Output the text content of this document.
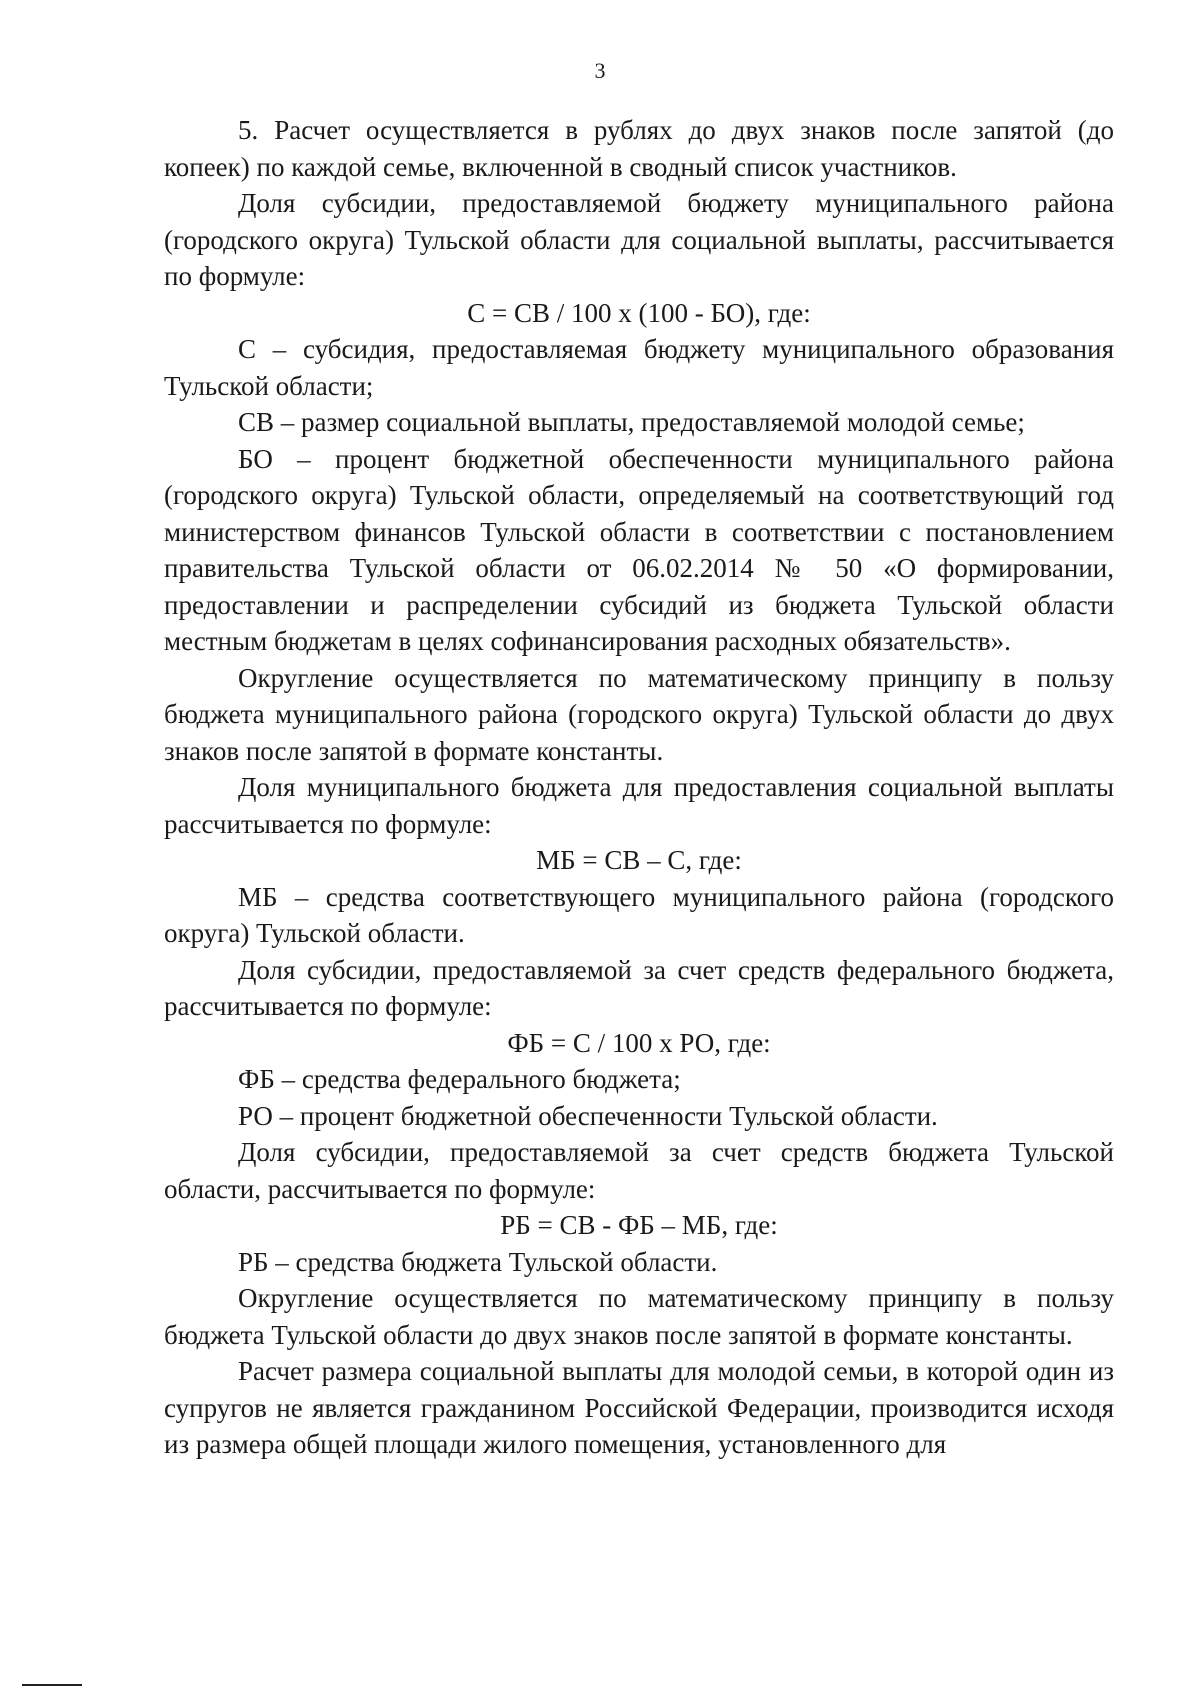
3

5. Расчет осуществляется в рублях до двух знаков после запятой (до копеек) по каждой семье, включенной в сводный список участников.

Доля субсидии, предоставляемой бюджету муниципального района (городского округа) Тульской области для социальной выплаты, рассчитывается по формуле:

С = СВ / 100 х (100 - БО), где:

С – субсидия, предоставляемая бюджету муниципального образования Тульской области;

СВ – размер социальной выплаты, предоставляемой молодой семье;

БО – процент бюджетной обеспеченности муниципального района (городского округа) Тульской области, определяемый на соответствующий год министерством финансов Тульской области в соответствии с постановлением правительства Тульской области от 06.02.2014 № 50 «О формировании, предоставлении и распределении субсидий из бюджета Тульской области местным бюджетам в целях софинансирования расходных обязательств».

Округление осуществляется по математическому принципу в пользу бюджета муниципального района (городского округа) Тульской области до двух знаков после запятой в формате константы.

Доля муниципального бюджета для предоставления социальной выплаты рассчитывается по формуле:

МБ = СВ – С, где:

МБ – средства соответствующего муниципального района (городского округа) Тульской области.

Доля субсидии, предоставляемой за счет средств федерального бюджета, рассчитывается по формуле:

ФБ = С / 100 х РО, где:

ФБ – средства федерального бюджета;

РО – процент бюджетной обеспеченности Тульской области.

Доля субсидии, предоставляемой за счет средств бюджета Тульской области, рассчитывается по формуле:

РБ = СВ - ФБ – МБ, где:

РБ – средства бюджета Тульской области.

Округление осуществляется по математическому принципу в пользу бюджета Тульской области до двух знаков после запятой в формате константы.

Расчет размера социальной выплаты для молодой семьи, в которой один из супругов не является гражданином Российской Федерации, производится исходя из размера общей площади жилого помещения, установленного для
